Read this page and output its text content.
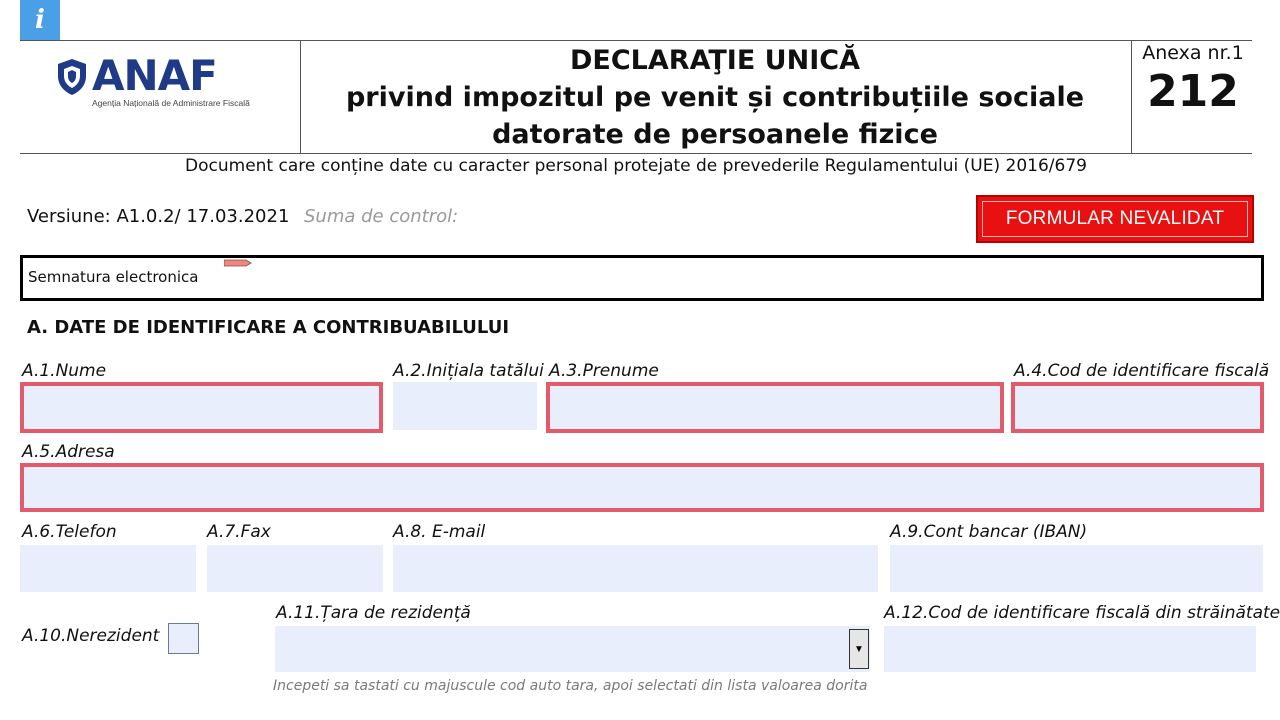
i
ANAF
Agenția Națională de Administrare Fiscală
DECLARAŢIE UNICĂ
privind impozitul pe venit și contribuțiile sociale
datorate de persoanele fizice
Anexa nr.1
212
Document care conține date cu caracter personal protejate de prevederile Regulamentului (UE) 2016/679
Versiune: A1.0.2/ 17.03.2021 Suma de control:	FORMULAR NEVALIDAT
Semnatura electronica
A. DATE DE IDENTIFICARE A CONTRIBUABILULUI
A.1.Nume	A.2.Inițiala tatălui A.3.Prenume	A.4.Cod de identificare fiscală
A.5.Adresa
A.6.Telefon	A.7.Fax	A.8. E-mail	A.9.Cont bancar (IBAN)
A.10.Nerezident
A.11.Țara de rezidență
▼
A.12.Cod de identificare fiscală din străinătate
Incepeti sa tastati cu majuscule cod auto tara, apoi selectati din lista valoarea dorita
